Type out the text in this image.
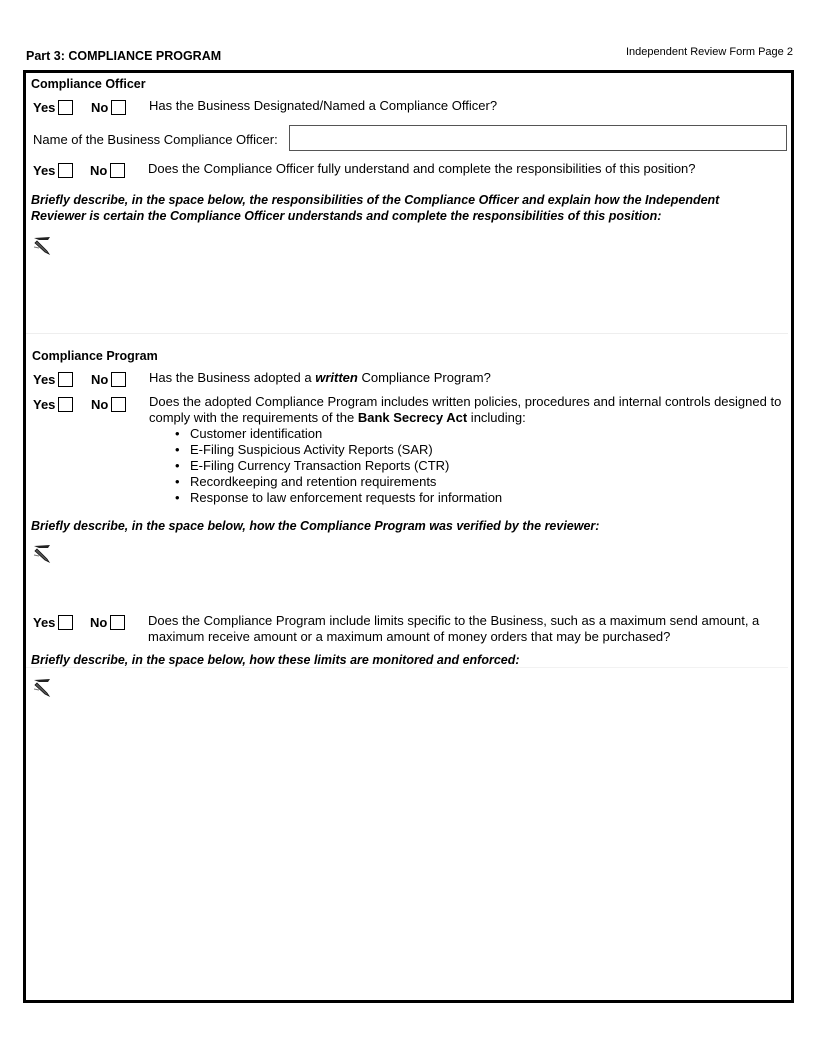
Part 3: COMPLIANCE PROGRAM	Independent Review Form Page 2
Compliance Officer
Yes	No	Has the Business Designated/Named a Compliance Officer?
Name of the Business Compliance Officer:
Yes	No	Does the Compliance Officer fully understand and complete the responsibilities of this position?
Briefly describe, in the space below, the responsibilities of the Compliance Officer and explain how the Independent Reviewer is certain the Compliance Officer understands and complete the responsibilities of this position:
Compliance Program
Yes	No	Has the Business adopted a written Compliance Program?
Yes	No	Does the adopted Compliance Program includes written policies, procedures and internal controls designed to comply with the requirements of the Bank Secrecy Act including:
• Customer identification
• E-Filing Suspicious Activity Reports (SAR)
• E-Filing Currency Transaction Reports (CTR)
• Recordkeeping and retention requirements
• Response to law enforcement requests for information
Briefly describe, in the space below, how the Compliance Program was verified by the reviewer:
Yes	No	Does the Compliance Program include limits specific to the Business, such as a maximum send amount, a maximum receive amount or a maximum amount of money orders that may be purchased?
Briefly describe, in the space below, how these limits are monitored and enforced:
